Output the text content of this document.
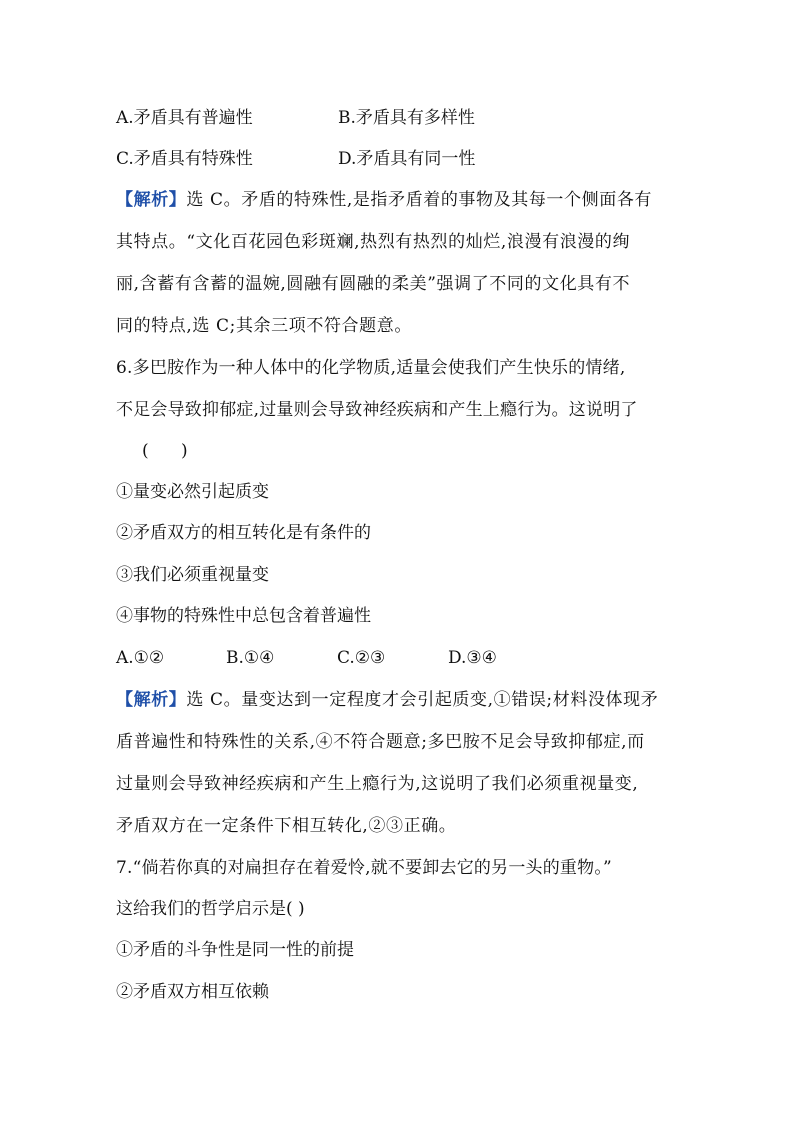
A.矛盾具有普遍性	B.矛盾具有多样性
C.矛盾具有特殊性	D.矛盾具有同一性
【解析】选 C。矛盾的特殊性,是指矛盾着的事物及其每一个侧面各有
其特点。“文化百花园色彩斑斓,热烈有热烈的灿烂,浪漫有浪漫的绚
丽,含蓄有含蓄的温婉,圆融有圆融的柔美”强调了不同的文化具有不
同的特点,选 C;其余三项不符合题意。
6.多巴胺作为一种人体中的化学物质,适量会使我们产生快乐的情绪,
不足会导致抑郁症,过量则会导致神经疾病和产生上瘾行为。这说明了
(      )
①量变必然引起质变
②矛盾双方的相互转化是有条件的
③我们必须重视量变
④事物的特殊性中总包含着普遍性
A.①②	B.①④	C.②③	D.③④
【解析】选 C。量变达到一定程度才会引起质变,①错误;材料没体现矛
盾普遍性和特殊性的关系,④不符合题意;多巴胺不足会导致抑郁症,而
过量则会导致神经疾病和产生上瘾行为,这说明了我们必须重视量变,
矛盾双方在一定条件下相互转化,②③正确。
7.“倘若你真的对扁担存在着爱怜,就不要卸去它的另一头的重物。”
这给我们的哲学启示是( )
①矛盾的斗争性是同一性的前提
②矛盾双方相互依赖
